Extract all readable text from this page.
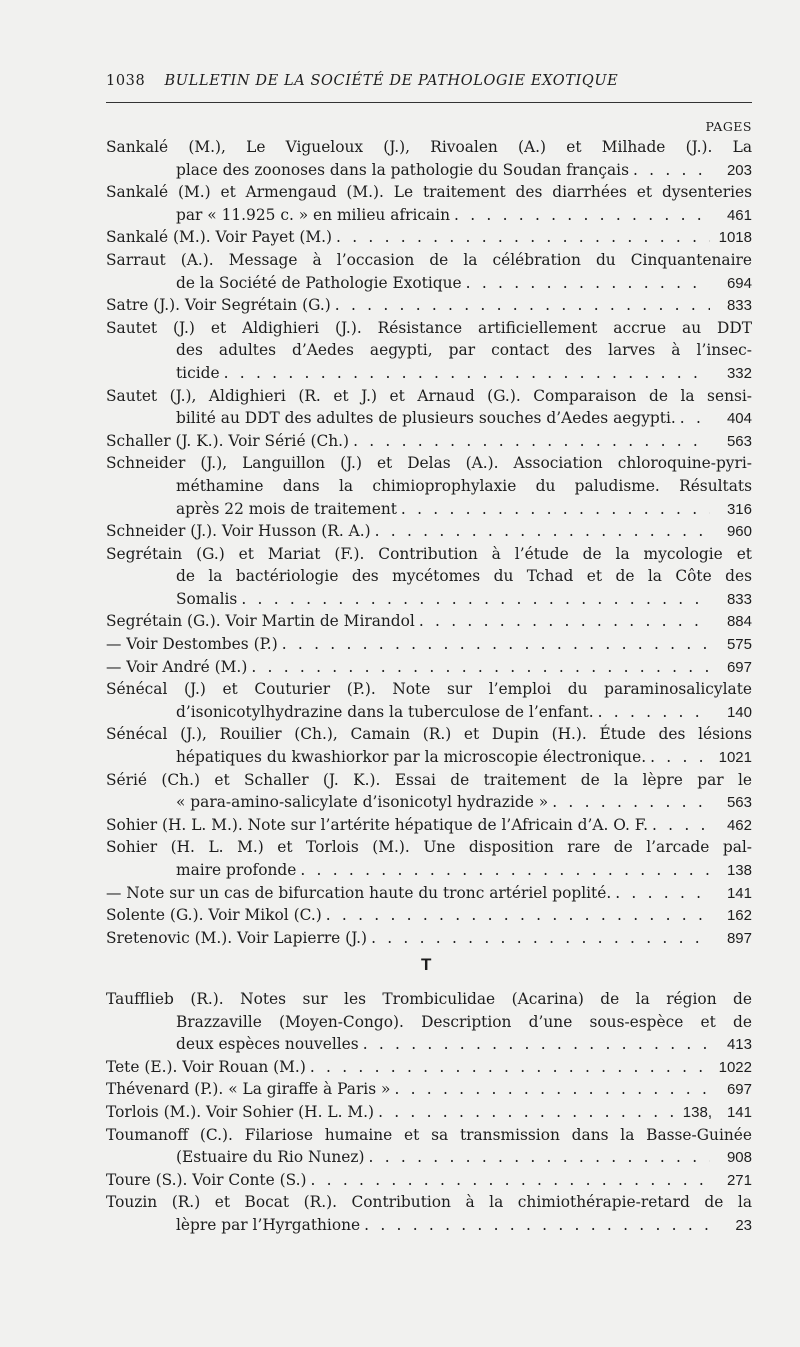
1038 BULLETIN DE LA SOCIÉTÉ DE PATHOLOGIE EXOTIQUE
PAGES
Sankalé (M.), Le Vigueloux (J.), Rivoalen (A.) et Milhade (J.). La
place des zoonoses dans la pathologie du Soudan français . . .	203
Sankalé (M.) et Armengaud (M.). Le traitement des diarrhées et dysenteries
par « 11.925 c. » en milieu africain . . .	461
Sankalé (M.). Voir Payet (M.) . . .	1018
Sarraut (A.). Message à l’occasion de la célébration du Cinquantenaire
de la Société de Pathologie Exotique . . .	694
Satre (J.). Voir Segrétain (G.) . . .	833
Sautet (J.) et Aldighieri (J.). Résistance artificiellement accrue au DDT
des adultes d’Aedes aegypti, par contact des larves à l’insec-
ticide . . .	332
Sautet (J.), Aldighieri (R. et J.) et Arnaud (G.). Comparaison de la sensi-
bilité au DDT des adultes de plusieurs souches d’Aedes aegypti. . . .	404
Schaller (J. K.). Voir Sérié (Ch.) . . .	563
Schneider (J.), Languillon (J.) et Delas (A.). Association chloroquine-pyri-
méthamine dans la chimioprophylaxie du paludisme. Résultats
après 22 mois de traitement . . .	316
Schneider (J.). Voir Husson (R. A.) . . .	960
Segrétain (G.) et Mariat (F.). Contribution à l’étude de la mycologie et
de la bactériologie des mycétomes du Tchad et de la Côte des
Somalis . . .	833
Segrétain (G.). Voir Martin de Mirandol . . .	884
— Voir Destombes (P.) . . .	575
— Voir André (M.) . . .	697
Sénécal (J.) et Couturier (P.). Note sur l’emploi du paraminosalicylate
d’isonicotylhydrazine dans la tuberculose de l’enfant. . . .	140
Sénécal (J.), Rouilier (Ch.), Camain (R.) et Dupin (H.). Étude des lésions
hépatiques du kwashiorkor par la microscopie électronique. . . .	1021
Sérié (Ch.) et Schaller (J. K.). Essai de traitement de la lèpre par le
« para-amino-salicylate d’isonicotyl hydrazide » . . .	563
Sohier (H. L. M.). Note sur l’artérite hépatique de l’Africain d’A. O. F. . . .	462
Sohier (H. L. M.) et Torlois (M.). Une disposition rare de l’arcade pal-
maire profonde . . .	138
— Note sur un cas de bifurcation haute du tronc artériel poplité. . . .	141
Solente (G.). Voir Mikol (C.) . . .	162
Sretenovic (M.). Voir Lapierre (J.) . . .	897
T
Taufflieb (R.). Notes sur les Trombiculidae (Acarina) de la région de
Brazzaville (Moyen-Congo). Description d’une sous-espèce et de
deux espèces nouvelles . . .	413
Tete (E.). Voir Rouan (M.) . . .	1022
Thévenard (P.). « La giraffe à Paris » . . .	697
Torlois (M.). Voir Sohier (H. L. M.) . . .	138, 141
Toumanoff (C.). Filariose humaine et sa transmission dans la Basse-Guinée
(Estuaire du Rio Nunez) . . .	908
Toure (S.). Voir Conte (S.) . . .	271
Touzin (R.) et Bocat (R.). Contribution à la chimiothérapie-retard de la
lèpre par l’Hyrgathione . . .	23
